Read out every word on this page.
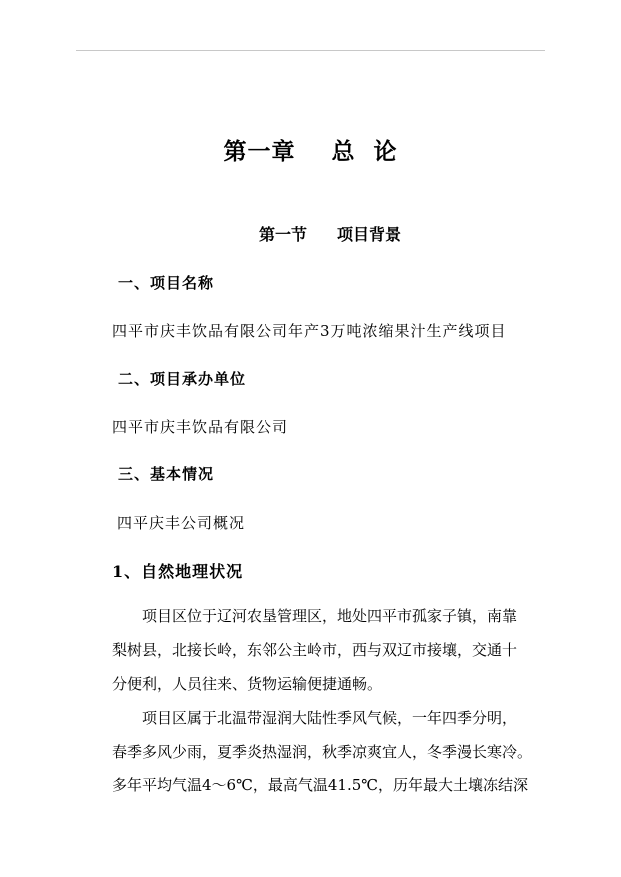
第一章 总 论
第一节 项目背景
一、项目名称
四平市庆丰饮品有限公司年产3万吨浓缩果汁生产线项目
二、项目承办单位
四平市庆丰饮品有限公司
三、基本情况
四平庆丰公司概况
1、自然地理状况
　　项目区位于辽河农垦管理区，地处四平市孤家子镇，南靠
梨树县，北接长岭，东邻公主岭市，西与双辽市接壤，交通十
分便利，人员往来、货物运输便捷通畅。
　　项目区属于北温带湿润大陆性季风气候，一年四季分明，
春季多风少雨，夏季炎热湿润，秋季凉爽宜人，冬季漫长寒冷。
多年平均气温4～6℃，最高气温41.5℃，历年最大土壤冻结深
